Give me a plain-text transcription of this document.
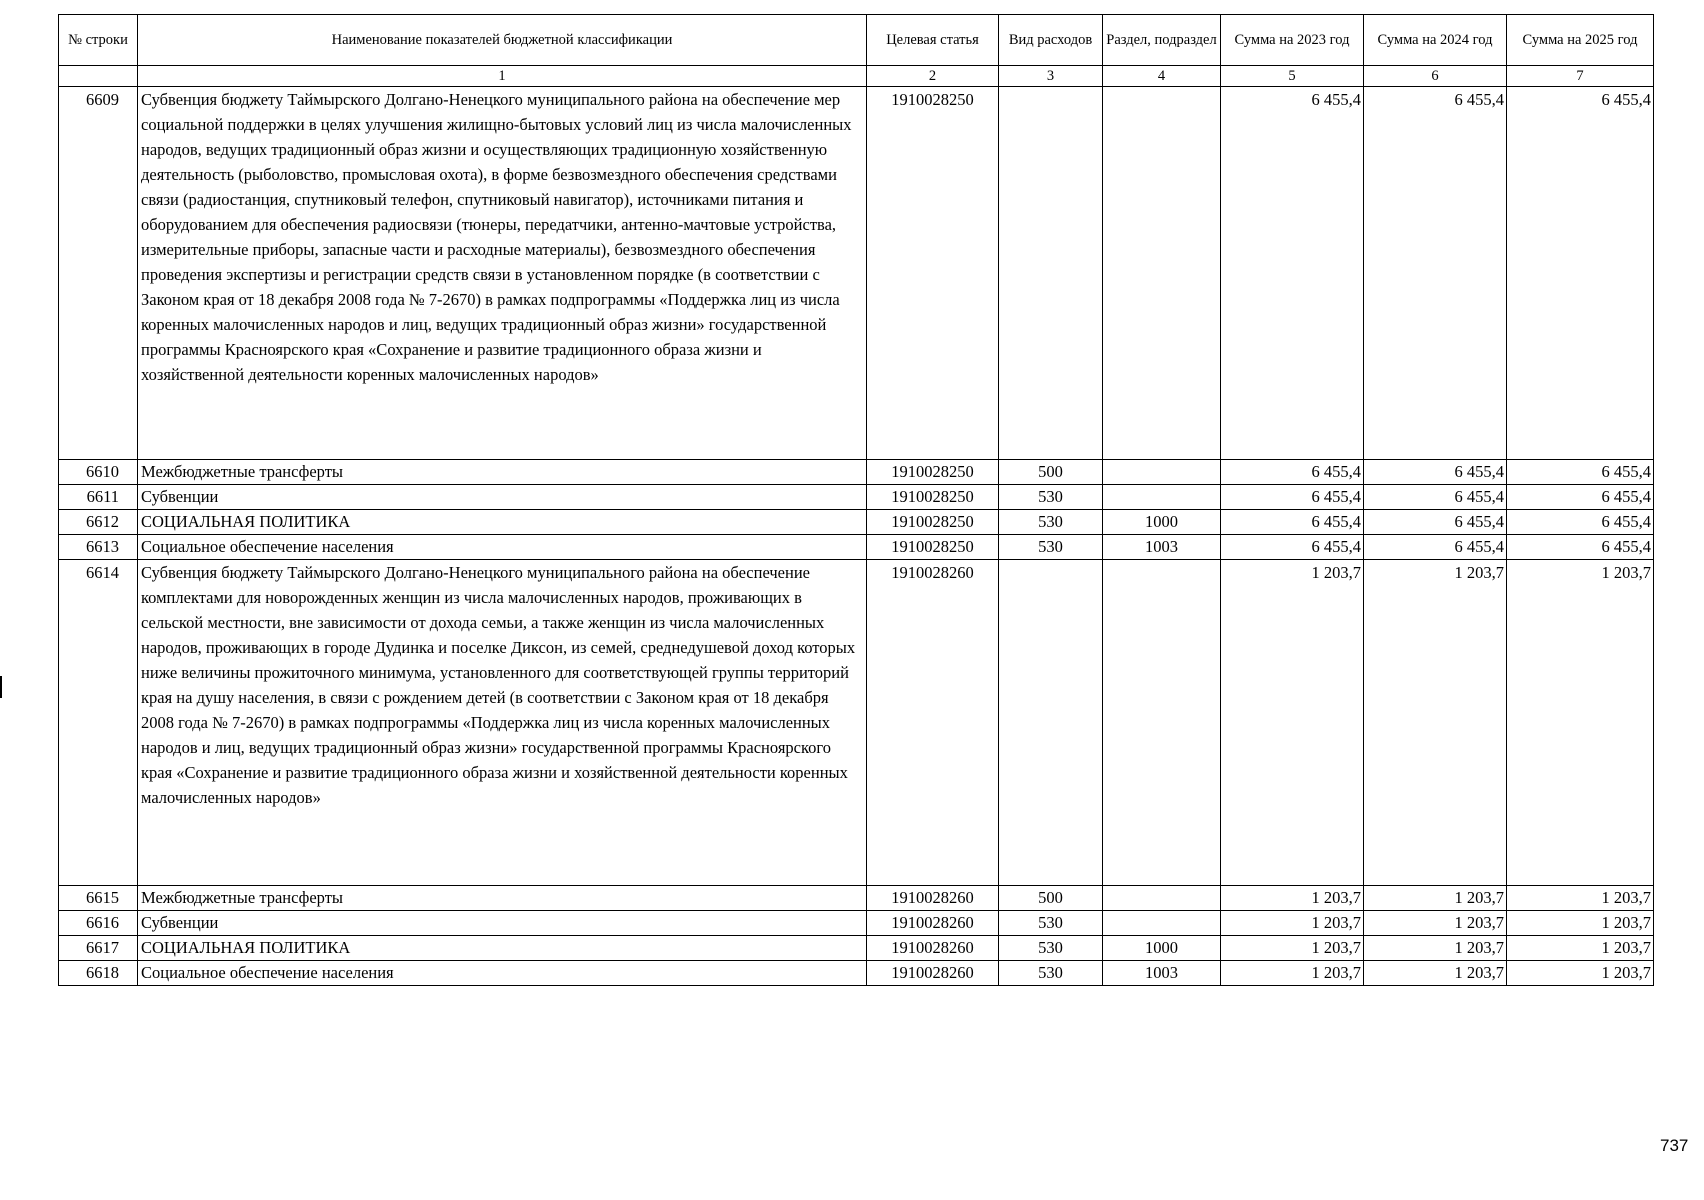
№ строки	Наименование показателей бюджетной классификации	Целевая статья	Вид расходов	Раздел, подраздел	Сумма на 2023 год	Сумма на 2024 год	Сумма на 2025 год
	1	2	3	4	5	6	7
6609	Субвенция бюджету Таймырского Долгано-Ненецкого муниципального района на обеспечение мер социальной поддержки в целях улучшения жилищно-бытовых условий лиц из числа малочисленных народов, ведущих традиционный образ жизни и осуществляющих традиционную хозяйственную деятельность (рыболовство, промысловая охота), в форме безвозмездного обеспечения средствами связи (радиостанция, спутниковый телефон, спутниковый навигатор), источниками питания и оборудованием для обеспечения радиосвязи (тюнеры, передатчики, антенно-мачтовые устройства, измерительные приборы, запасные части и расходные материалы), безвозмездного обеспечения проведения экспертизы и регистрации средств связи в установленном порядке (в соответствии с Законом края от 18 декабря 2008 года № 7-2670) в рамках подпрограммы «Поддержка лиц из числа коренных малочисленных народов и лиц, ведущих традиционный образ жизни» государственной программы Красноярского края «Сохранение и развитие традиционного образа жизни и хозяйственной деятельности коренных малочисленных народов»	1910028250			6 455,4	6 455,4	6 455,4
6610	Межбюджетные трансферты	1910028250	500		6 455,4	6 455,4	6 455,4
6611	Субвенции	1910028250	530		6 455,4	6 455,4	6 455,4
6612	СОЦИАЛЬНАЯ ПОЛИТИКА	1910028250	530	1000	6 455,4	6 455,4	6 455,4
6613	Социальное обеспечение населения	1910028250	530	1003	6 455,4	6 455,4	6 455,4
6614	Субвенция бюджету Таймырского Долгано-Ненецкого муниципального района на обеспечение комплектами для новорожденных женщин из числа малочисленных народов, проживающих в сельской местности, вне зависимости от дохода семьи, а также женщин из числа малочисленных народов, проживающих в городе Дудинка и поселке Диксон, из семей, среднедушевой доход которых ниже величины прожиточного минимума, установленного для соответствующей группы территорий края на душу населения, в связи с рождением детей (в соответствии с Законом края от 18 декабря 2008 года № 7-2670) в рамках подпрограммы «Поддержка лиц из числа коренных малочисленных народов и лиц, ведущих традиционный образ жизни» государственной программы Красноярского края «Сохранение и развитие традиционного образа жизни и хозяйственной деятельности коренных малочисленных народов»	1910028260			1 203,7	1 203,7	1 203,7
6615	Межбюджетные трансферты	1910028260	500		1 203,7	1 203,7	1 203,7
6616	Субвенции	1910028260	530		1 203,7	1 203,7	1 203,7
6617	СОЦИАЛЬНАЯ ПОЛИТИКА	1910028260	530	1000	1 203,7	1 203,7	1 203,7
6618	Социальное обеспечение населения	1910028260	530	1003	1 203,7	1 203,7	1 203,7
737
